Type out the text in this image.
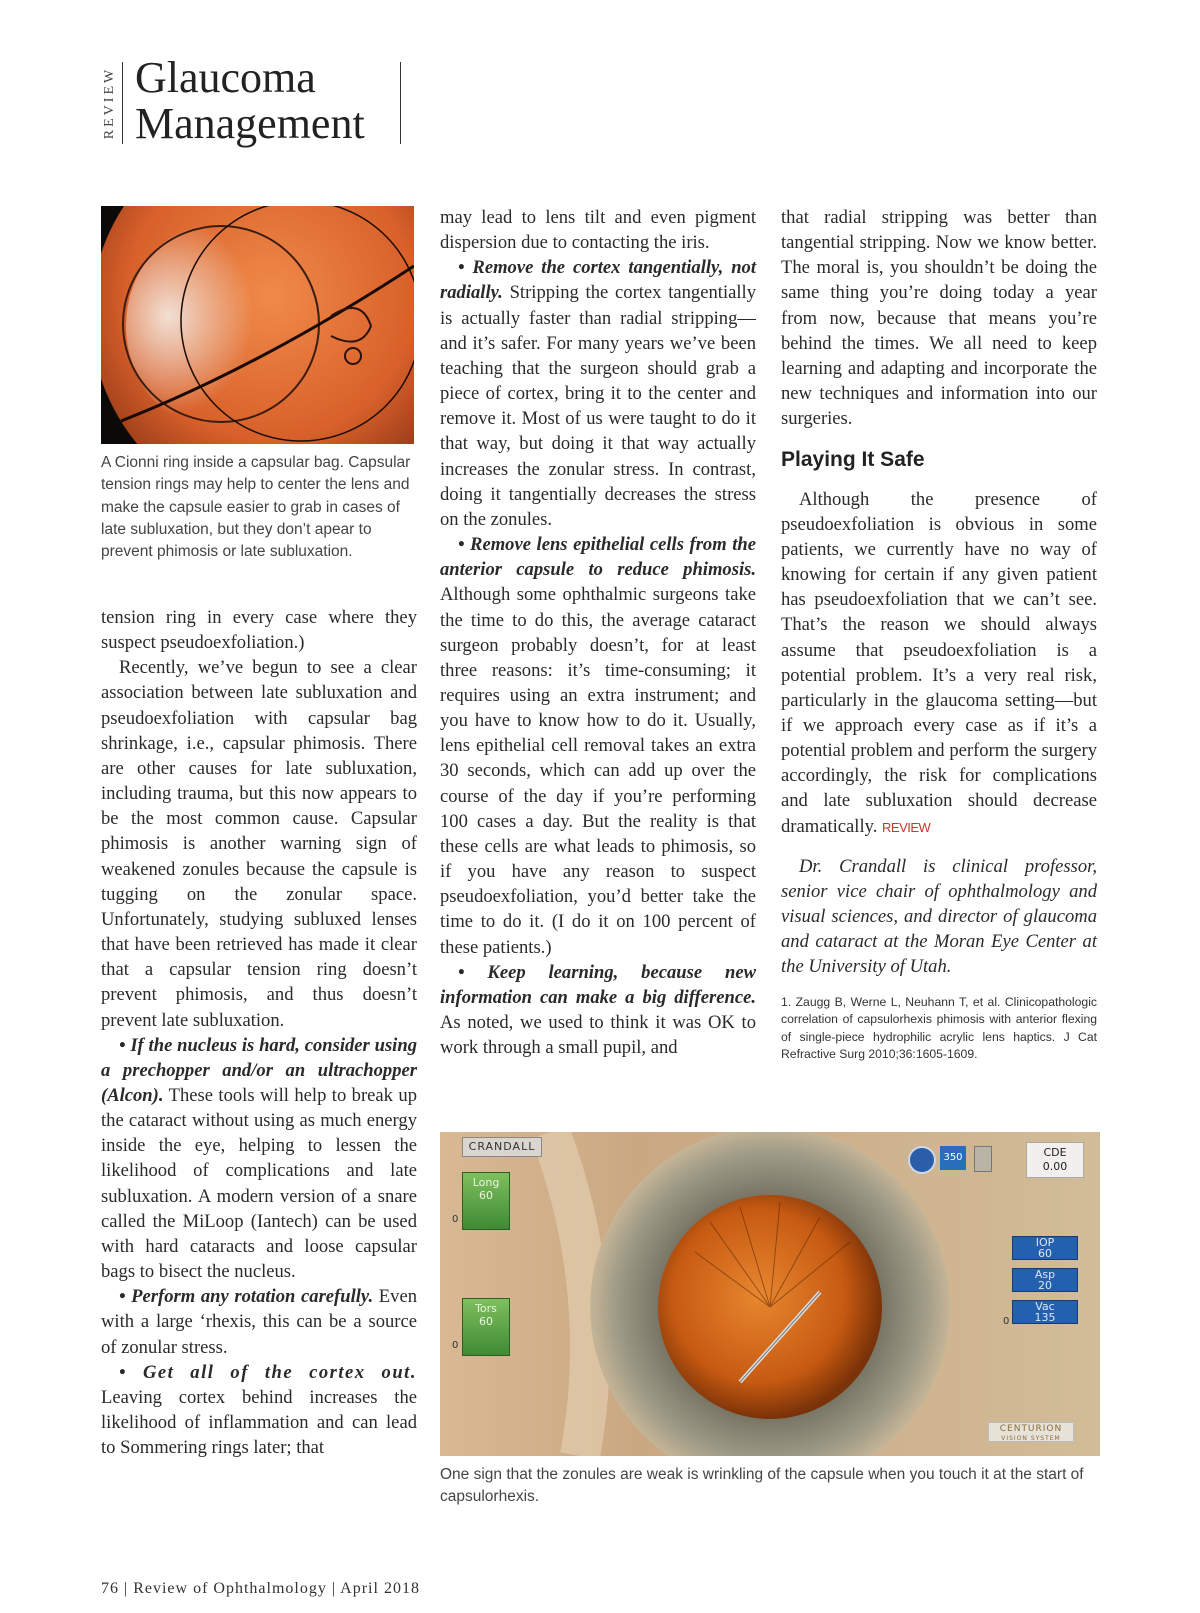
REVIEW Glaucoma
Management
A Cionni ring inside a capsular bag. Capsular tension rings may help to center the lens and make the capsule easier to grab in cases of late subluxation, but they don’t apear to prevent phimosis or late subluxation.

tension ring in every case where they suspect pseudoexfoliation.)

Recently, we’ve begun to see a clear association between late subluxation and pseudoexfoliation with capsular bag shrinkage, i.e., capsular phimosis. There are other causes for late subluxation, including trauma, but this now appears to be the most common cause. Capsular phimosis is another warning sign of weakened zonules because the capsule is tugging on the zonular space. Unfortunately, studying subluxed lenses that have been retrieved has made it clear that a capsular tension ring doesn’t prevent phimosis, and thus doesn’t prevent late subluxation.

• If the nucleus is hard, consider using a prechopper and/or an ultrachopper (Alcon). These tools will help to break up the cataract without using as much energy inside the eye, helping to lessen the likelihood of complications and late subluxation. A modern version of a snare called the MiLoop (Iantech) can be used with hard cataracts and loose capsular bags to bisect the nucleus.

• Perform any rotation carefully. Even with a large ‘rhexis, this can be a source of zonular stress.

• Get all of the cortex out. Leaving cortex behind increases the likelihood of inflammation and can lead to Sommering rings later; that

may lead to lens tilt and even pigment dispersion due to contacting the iris.

• Remove the cortex tangentially, not radially. Stripping the cortex tangentially is actually faster than radial stripping—and it’s safer. For many years we’ve been teaching that the surgeon should grab a piece of cortex, bring it to the center and remove it. Most of us were taught to do it that way, but doing it that way actually increases the zonular stress. In contrast, doing it tangentially decreases the stress on the zonules.

• Remove lens epithelial cells from the anterior capsule to reduce phimosis. Although some ophthalmic surgeons take the time to do this, the average cataract surgeon probably doesn’t, for at least three reasons: it’s time-consuming; it requires using an extra instrument; and you have to know how to do it. Usually, lens epithelial cell removal takes an extra 30 seconds, which can add up over the course of the day if you’re performing 100 cases a day. But the reality is that these cells are what leads to phimosis, so if you have any reason to suspect pseudoexfoliation, you’d better take the time to do it. (I do it on 100 percent of these patients.)

• Keep learning, because new information can make a big difference. As noted, we used to think it was OK to work through a small pupil, and

that radial stripping was better than tangential stripping. Now we know better. The moral is, you shouldn’t be doing the same thing you’re doing today a year from now, because that means you’re behind the times. We all need to keep learning and adapting and incorporate the new techniques and information into our surgeries.

Playing It Safe

Although the presence of pseudoexfoliation is obvious in some patients, we currently have no way of knowing for certain if any given patient has pseudoexfoliation that we can’t see. That’s the reason we should always assume that pseudoexfoliation is a potential problem. It’s a very real risk, particularly in the glaucoma setting—but if we approach every case as if it’s a potential problem and perform the surgery accordingly, the risk for complications and late subluxation should decrease dramatically. REVIEW

Dr. Crandall is clinical professor, senior vice chair of ophthalmology and visual sciences, and director of glaucoma and cataract at the Moran Eye Center at the University of Utah.

1. Zaugg B, Werne L, Neuhann T, et al. Clinicopathologic correlation of capsulorhexis phimosis with anterior flexing of single-piece hydrophilic acrylic lens haptics. J Cat Refractive Surg 2010;36:1605-1609.

CRANDALL
Long
60
0
Tors
60
0
350	CDE
0.00
IOP
60
Asp
20
Vac
135
0
CENTURION
VISION SYSTEM
One sign that the zonules are weak is wrinkling of the capsule when you touch it at the start of capsulorhexis.
76 | Review of Ophthalmology | April 2018
